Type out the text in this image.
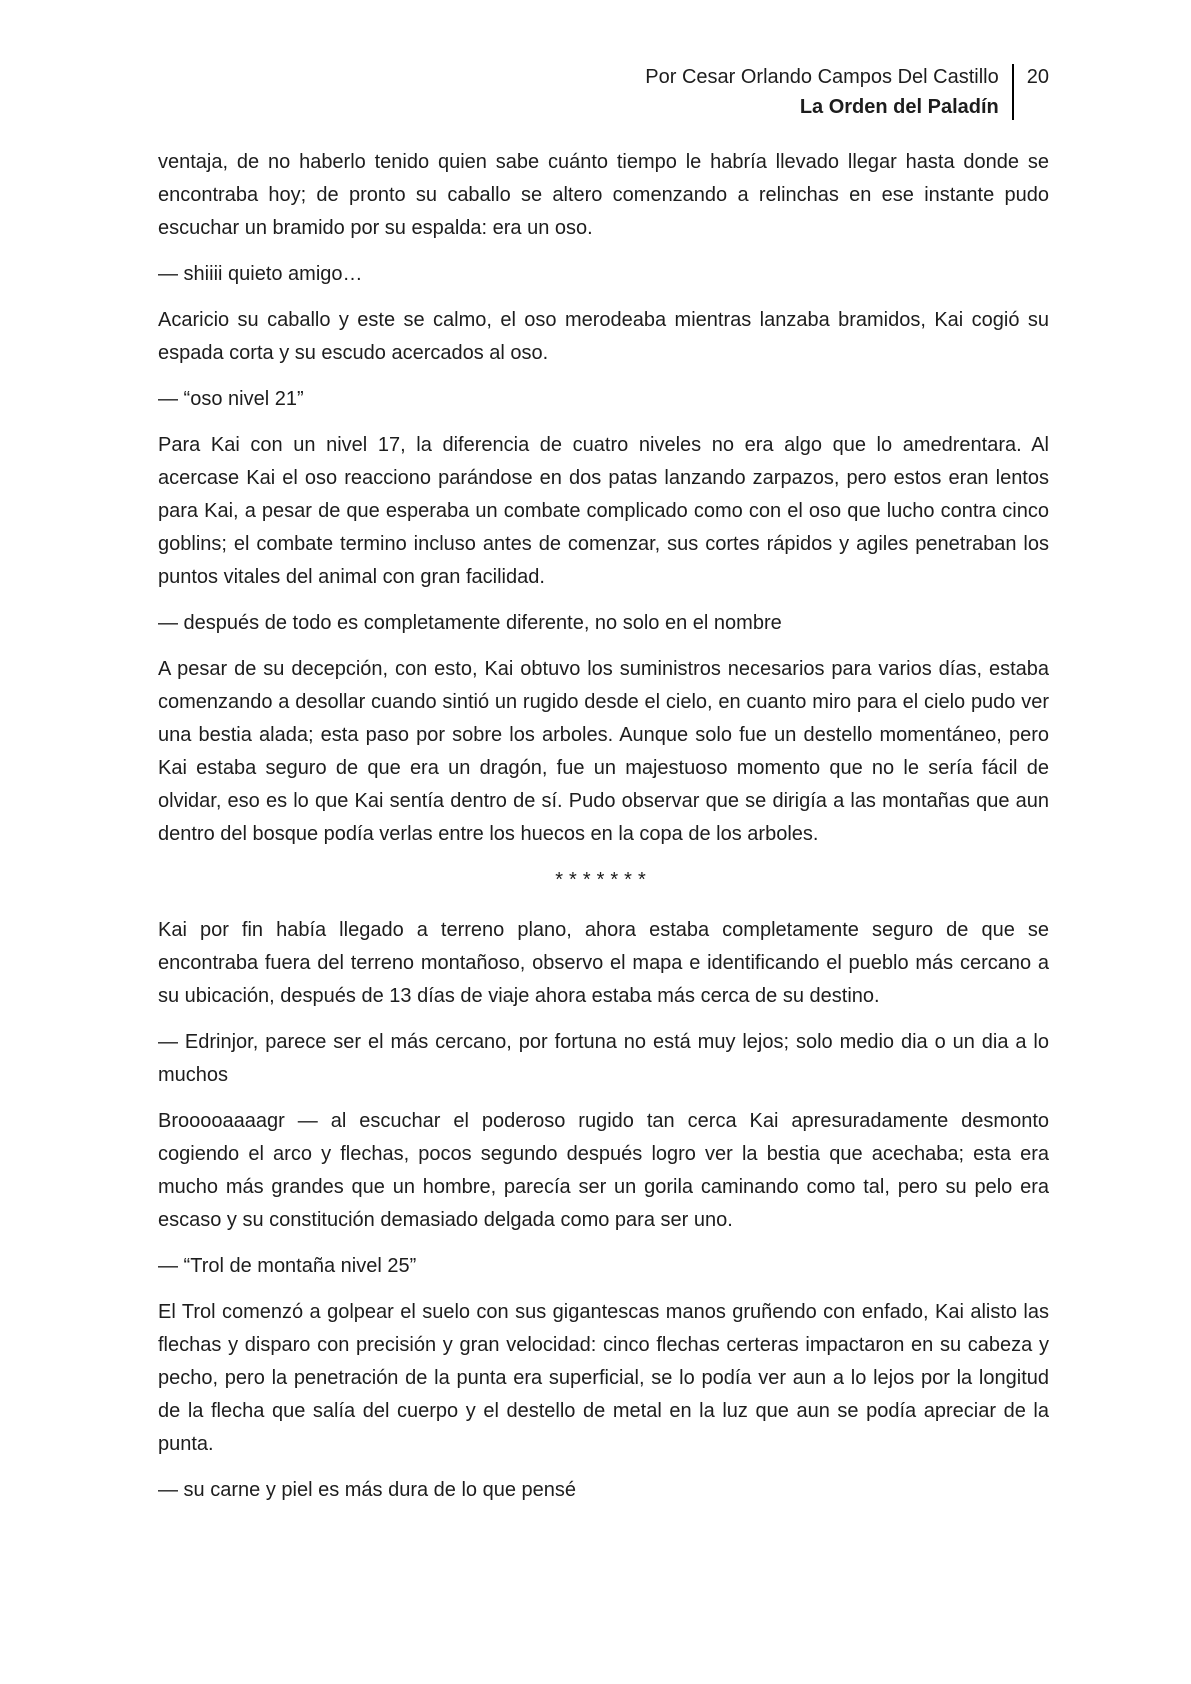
Por Cesar Orlando Campos Del Castillo
La Orden del Paladín
20

ventaja, de no haberlo tenido quien sabe cuánto tiempo le habría llevado llegar hasta donde se encontraba hoy; de pronto su caballo se altero comenzando a relinchas en ese instante pudo escuchar un bramido por su espalda: era un oso.

— shiiii quieto amigo…

Acaricio su caballo y este se calmo, el oso merodeaba mientras lanzaba bramidos, Kai cogió su espada corta y su escudo acercados al oso.

— “oso nivel 21”

Para Kai con un nivel 17, la diferencia de cuatro niveles no era algo que lo amedrentara. Al acercase Kai el oso reacciono parándose en dos patas lanzando zarpazos, pero estos eran lentos para Kai, a pesar de que esperaba un combate complicado como con el oso que lucho contra cinco goblins; el combate termino incluso antes de comenzar, sus cortes rápidos y agiles penetraban los puntos vitales del animal con gran facilidad.

— después de todo es completamente diferente, no solo en el nombre

A pesar de su decepción, con esto, Kai obtuvo los suministros necesarios para varios días, estaba comenzando a desollar cuando sintió un rugido desde el cielo, en cuanto miro para el cielo pudo ver una bestia alada; esta paso por sobre los arboles. Aunque solo fue un destello momentáneo, pero Kai estaba seguro de que era un dragón, fue un majestuoso momento que no le sería fácil de olvidar, eso es lo que Kai sentía dentro de sí. Pudo observar que se dirigía a las montañas que aun dentro del bosque podía verlas entre los huecos en la copa de los arboles.

*******

Kai por fin había llegado a terreno plano, ahora estaba completamente seguro de que se encontraba fuera del terreno montañoso, observo el mapa e identificando el pueblo más cercano a su ubicación, después de 13 días de viaje ahora estaba más cerca de su destino.

— Edrinjor, parece ser el más cercano, por fortuna no está muy lejos; solo medio dia o un dia a lo muchos

Brooooaaaagr — al escuchar el poderoso rugido tan cerca Kai apresuradamente desmonto cogiendo el arco y flechas, pocos segundo después logro ver la bestia que acechaba; esta era mucho más grandes que un hombre, parecía ser un gorila caminando como tal, pero su pelo era escaso y su constitución demasiado delgada como para ser uno.

— “Trol de montaña nivel 25”

El Trol comenzó a golpear el suelo con sus gigantescas manos gruñendo con enfado, Kai alisto las flechas y disparo con precisión y gran velocidad: cinco flechas certeras impactaron en su cabeza y pecho, pero la penetración de la punta era superficial, se lo podía ver aun a lo lejos por la longitud de la flecha que salía del cuerpo y el destello de metal en la luz que aun se podía apreciar de la punta.

— su carne y piel es más dura de lo que pensé
